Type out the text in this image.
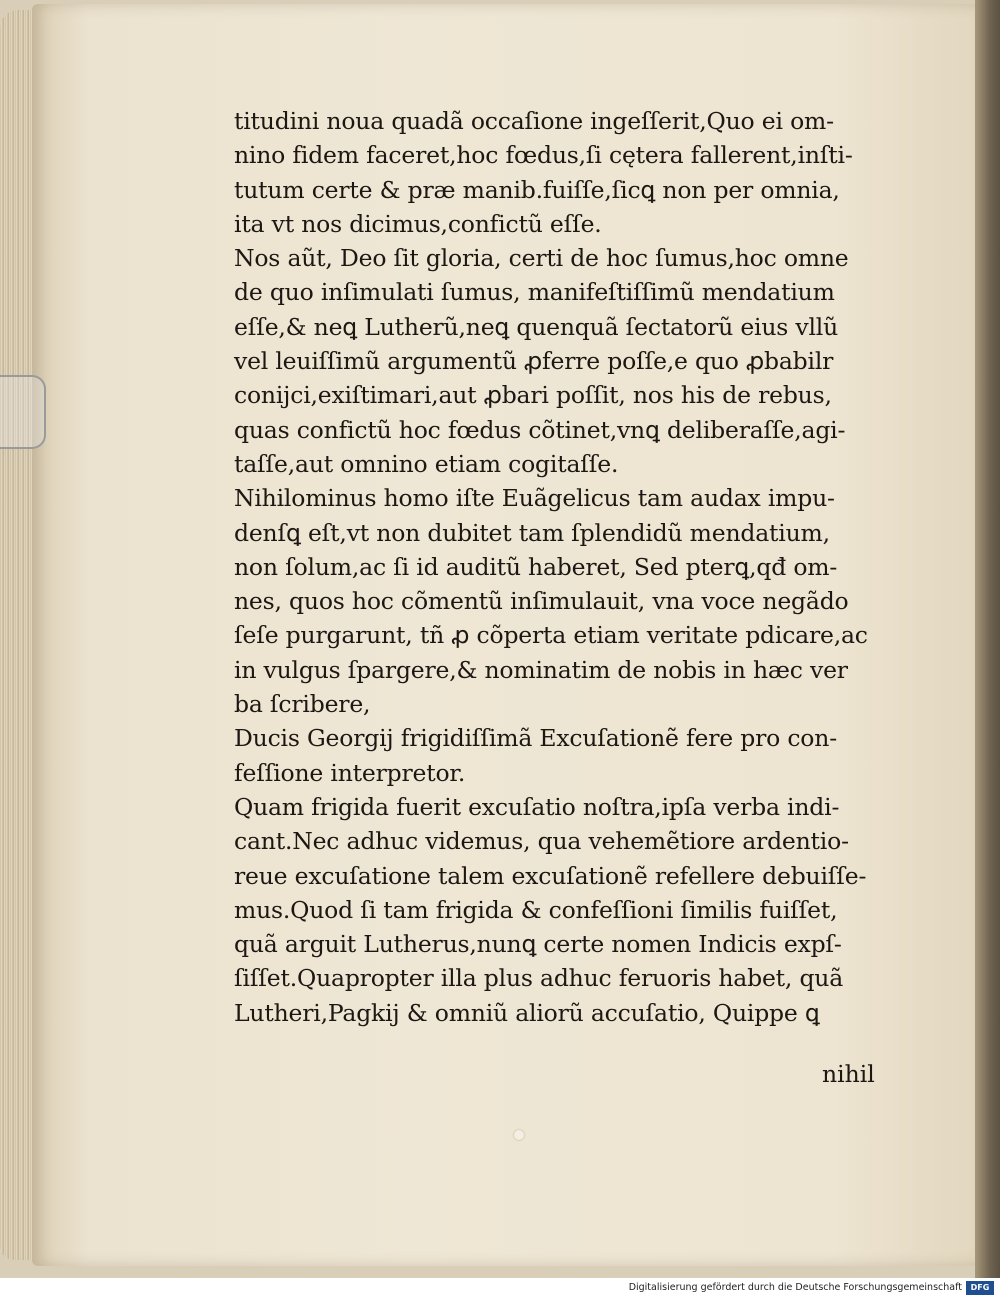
titudini noua quadã occaſione ingeſſerit,Quo ei om-
nino fidem faceret,hoc fœdus,ſi cętera fallerent,inſti-
tutum certe & præ manib.fuiſſe,ſicꝗ non per omnia,
ita vt nos dicimus,confictũ eſſe.
Nos aũt, Deo ſit gloria, certi de hoc ſumus,hoc omne
de quo inſimulati ſumus, manifeſtiſſimũ mendatium
eſſe,& neꝗ Lutherũ,neꝗ quenquã ſectatorũ eius vllũ
vel leuiſſimũ argumentũ ꝓferre poſſe,e quo ꝓbabilr
conijci,exiſtimari,aut ꝓbari poſſit, nos his de rebus,
quas confictũ hoc fœdus cõtinet,vnꝗ deliberaſſe,agi-
taſſe,aut omnino etiam cogitaſſe.
Nihilominus homo iſte Euãgelicus tam audax impu-
denſꝗ eſt,vt non dubitet tam ſplendidũ mendatium,
non ſolum,ac ſi id auditũ haberet, Sed pterꝗ,qđ om-
nes, quos hoc cõmentũ inſimulauit, vna voce negãdo
ſeſe purgarunt, tñ ꝓ cõperta etiam veritate pdicare,ac
in vulgus ſpargere,& nominatim de nobis in hæc ver
ba ſcribere,
Ducis Georgij frigidiſſimã Excuſationẽ fere pro con-
feſſione interpretor.
Quam frigida fuerit excuſatio noſtra,ipſa verba indi-
cant.Nec adhuc videmus, qua vehemẽtiore ardentio-
reue excuſatione talem excuſationẽ refellere debuiſſe-
mus.Quod ſi tam frigida & confeſſioni ſimilis fuiſſet,
quã arguit Lutherus,nunꝗ certe nomen Indicis expſ-
ſiſſet.Quapropter illa plus adhuc feruoris habet, quã
Lutheri,Pagkij & omniũ aliorũ accuſatio, Quippe ꝗ
nihil
Digitalisierung gefördert durch die Deutsche Forschungsgemeinschaft	DFG
